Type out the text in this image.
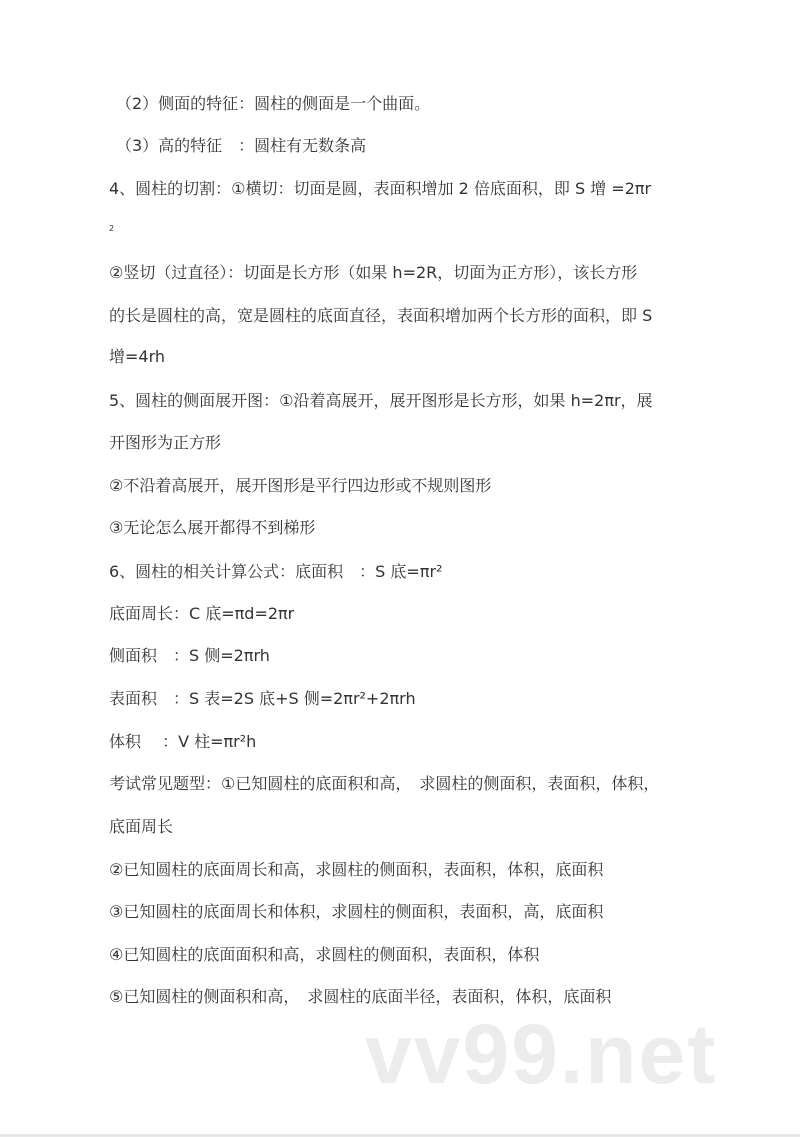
（2）侧面的特征：圆柱的侧面是一个曲面。
（3）高的特征　：圆柱有无数条高
4、圆柱的切割：①横切：切面是圆，表面积增加 2 倍底面积，即 S 增 =2πr
2
②竖切（过直径）：切面是长方形（如果 h=2R，切面为正方形），该长方形
的长是圆柱的高，宽是圆柱的底面直径，表面积增加两个长方形的面积，即 S
增=4rh
5、圆柱的侧面展开图：①沿着高展开，展开图形是长方形，如果 h=2πr，展
开图形为正方形
②不沿着高展开，展开图形是平行四边形或不规则图形
③无论怎么展开都得不到梯形
6、圆柱的相关计算公式：底面积　：S 底=πr²
底面周长：C 底=πd=2πr
侧面积　：S 侧=2πrh
表面积　：S 表=2S 底+S 侧=2πr²+2πrh
体积　 ：V 柱=πr²h
考试常见题型：①已知圆柱的底面积和高，　求圆柱的侧面积，表面积，体积，
底面周长
②已知圆柱的底面周长和高，求圆柱的侧面积，表面积，体积，底面积
③已知圆柱的底面周长和体积，求圆柱的侧面积，表面积，高，底面积
④已知圆柱的底面面积和高，求圆柱的侧面积，表面积，体积
⑤已知圆柱的侧面积和高，　求圆柱的底面半径，表面积，体积，底面积
vv99.net
